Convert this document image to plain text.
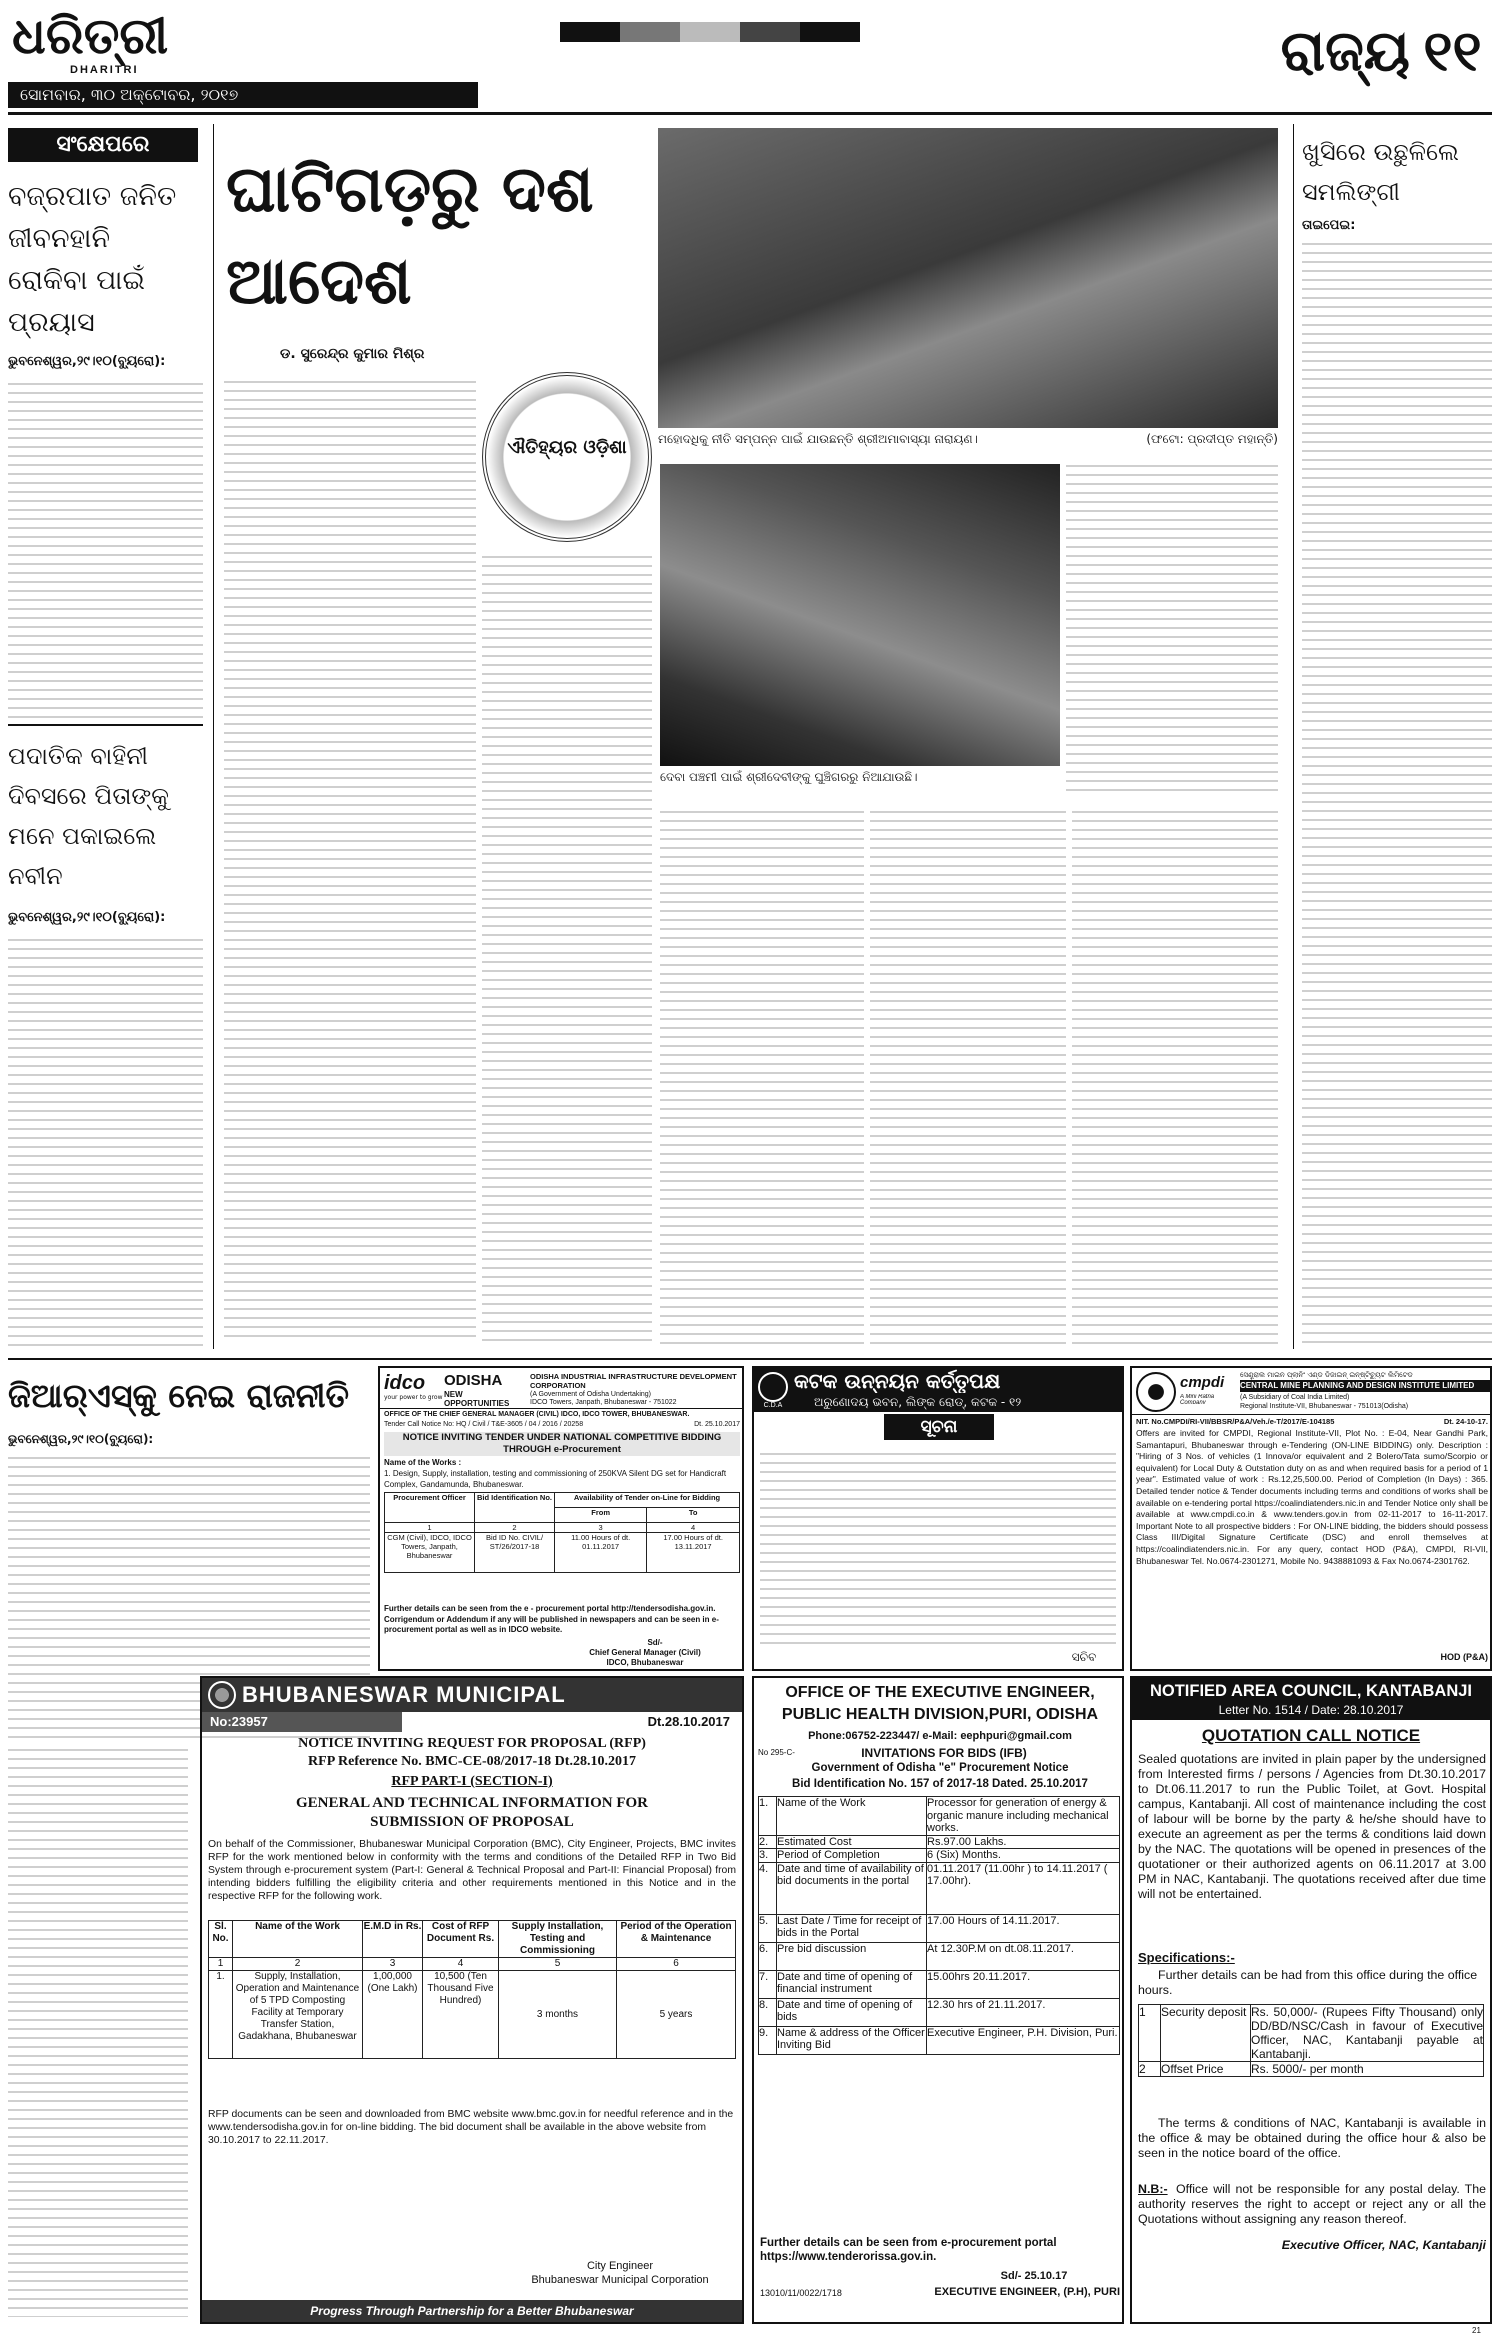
ଧରିତ୍ରୀ
DHARITRI
ସୋମବାର, ୩୦ ଅକ୍ଟୋବର, ୨୦୧୭
ରାଜ୍ୟ ୧୧
ସଂକ୍ଷେପରେ
ବଜ୍ରପାତ ଜନିତ ଜୀବନହାନି ରୋକିବା ପାଇଁ ପ୍ରୟାସ
ଭୁବନେଶ୍ୱର,୨୯।୧୦(ବ୍ୟୁରୋ):
ପଦାତିକ ବାହିନୀ ଦିବସରେ ପିତାଙ୍କୁ ମନେ ପକାଇଲେ ନବୀନ
ଭୁବନେଶ୍ୱର,୨୯।୧୦(ବ୍ୟୁରୋ):
ଘାଟିଗଡ଼ରୁ ଦଶ ଆଦେଶ
ଡ. ସୁରେନ୍ଦ୍ର କୁମାର ମିଶ୍ର
ଐତିହ୍ୟର ଓଡ଼ିଶା	ମହୋଦଧିକୁ ନୀତି ସମ୍ପନ୍ନ ପାଇଁ ଯାଉଛନ୍ତି ଶ୍ରୀଅମାବାସ୍ୟା ନାରାୟଣ।	(ଫଟୋ: ପ୍ରଦୀପ୍ତ ମହାନ୍ତି)
ଦେବା ପଞ୍ଚମୀ ପାଇଁ ଶ୍ରୀଦେବୀଙ୍କୁ ଘୁଞ୍ଚିଗରରୁ ନିଆଯାଉଛି।
ଖୁସିରେ ଉଛୁଳିଲେ ସମଲିଙ୍ଗୀ
ତାଇପେଇ:
ଜିଆର୍‌ଏସ୍‌କୁ ନେଇ ରାଜନୀତି
ଭୁବନେଶ୍ୱର,୨୯।୧୦(ବ୍ୟୁରୋ):
idco
your power to grow
ODISHA
NEW OPPORTUNITIES
ODISHA INDUSTRIAL INFRASTRUCTURE DEVELOPMENT CORPORATION
(A Government of Odisha Undertaking)
IDCO Towers, Janpath, Bhubaneswar - 751022
OFFICE OF THE CHIEF GENERAL MANAGER (CIVIL) IDCO, IDCO TOWER, BHUBANESWAR.
Tender Call Notice No: HQ / Civil / T&E-3605 / 04 / 2016 / 20258	Dt. 25.10.2017
NOTICE INVITING TENDER UNDER NATIONAL COMPETITIVE BIDDING THROUGH e-Procurement
Name of the Works :
1. Design, Supply, installation, testing and commissioning of 250KVA Silent DG set for Handicraft Complex, Gandamunda, Bhubaneswar.
Procurement Officer	Bid Identification No.	Availability of Tender on-Line for Bidding	
		From	To
1	2	3	4
CGM (Civil), IDCO, IDCO Towers, Janpath, Bhubaneswar	Bid ID No. CIVIL/ ST/26/2017-18	11.00 Hours of dt. 01.11.2017	17.00 Hours of dt. 13.11.2017
Further details can be seen from the e - procurement portal http://tendersodisha.gov.in. Corrigendum or Addendum if any will be published in newspapers and can be seen in e-procurement portal as well as in IDCO website.
Sd/-
Chief General Manager (Civil)
IDCO, Bhubaneswar
C.D.A
କଟକ ଉନ୍ନୟନ କର୍ତ୍ତୃପକ୍ଷ
ଅରୁଣୋଦୟ ଭବନ, ଲିଙ୍କ ରୋଡ୍‌, କଟକ - ୧୨
ସୂଚନା
ସଚିବ
cmpdi
A Mini Ratna Company
ସେଣ୍ଟ୍ରାଲ ମାଇନ ପ୍ଲାନିଂ ଏଣ୍ଡ ଡିଜାଇନ୍ ଇନ୍ଷ୍ଟିଚ୍ୟୁଟ ଲିମିଟେଡ
CENTRAL MINE PLANNING AND DESIGN INSTITUTE LIMITED
(A Subsidiary of Coal India Limited)
Regional Institute-VII, Bhubaneswar - 751013(Odisha)
NIT. No.CMPDI/RI-VII/BBSR/P&A/Veh./e-T/2017/E-104185	Dt. 24-10-17.
Offers are invited for CMPDI, Regional Institute-VII, Plot No. : E-04, Near Gandhi Park, Samantapuri, Bhubaneswar through e-Tendering (ON-LINE BIDDING) only. Description : "Hiring of 3 Nos. of vehicles (1 Innova/or equivalent and 2 Bolero/Tata sumo/Scorpio or equivalent) for Local Duty & Outstation duty on as and when required basis for a period of 1 year". Estimated value of work : Rs.12,25,500.00. Period of Completion (In Days) : 365. Detailed tender notice & Tender documents including terms and conditions of works shall be available on e-tendering portal https://coalindiatenders.nic.in and Tender Notice only shall be available at www.cmpdi.co.in & www.tenders.gov.in from 02-11-2017 to 16-11-2017. Important Note to all prospective bidders : For ON-LINE bidding, the bidders should possess Class III/Digital Signature Certificate (DSC) and enroll themselves at https://coalindiatenders.nic.in. For any query, contact HOD (P&A), CMPDI, RI-VII, Bhubaneswar Tel. No.0674-2301271, Mobile No. 9438881093 & Fax No.0674-2301762.
HOD (P&A)
BHUBANESWAR MUNICIPAL
No:23957	Dt.28.10.2017
NOTICE INVITING REQUEST FOR PROPOSAL (RFP)
RFP Reference No. BMC-CE-08/2017-18 Dt.28.10.2017
RFP PART-I (SECTION-I)
GENERAL AND TECHNICAL INFORMATION FOR SUBMISSION OF PROPOSAL
On behalf of the Commissioner, Bhubaneswar Municipal Corporation (BMC), City Engineer, Projects, BMC invites RFP for the work mentioned below in conformity with the terms and conditions of the Detailed RFP in Two Bid System through e-procurement system (Part-I: General & Technical Proposal and Part-II: Financial Proposal) from intending bidders fulfilling the eligibility criteria and other requirements mentioned in this Notice and in the respective RFP for the following work.
Sl. No.	Name of the Work	E.M.D in Rs.	Cost of RFP Document Rs.	Supply Installation, Testing and Commissioning	Period of the Operation & Maintenance
1	2	3	4	5	6
1.	Supply, Installation, Operation and Maintenance of 5 TPD Composting Facility at Temporary Transfer Station, Gadakhana, Bhubaneswar	1,00,000 (One Lakh)	10,500 (Ten Thousand Five Hundred)	3 months	5 years
RFP documents can be seen and downloaded from BMC website www.bmc.gov.in for needful reference and in the www.tendersodisha.gov.in for on-line bidding. The bid document shall be available in the above website from 30.10.2017 to 22.11.2017.
City Engineer
Bhubaneswar Municipal Corporation
Progress Through Partnership for a Better Bhubaneswar
OFFICE OF THE EXECUTIVE ENGINEER,
PUBLIC HEALTH DIVISION,PURI, ODISHA
Phone:06752-223447/ e-Mail: eephpuri@gmail.com
No 295-C-	INVITATIONS FOR BIDS (IFB)
Government of Odisha "e" Procurement Notice
Bid Identification No. 157 of 2017-18 Dated. 25.10.2017
1.	Name of the Work	Processor for generation of energy & organic manure including mechanical works.
2.	Estimated Cost	Rs.97.00 Lakhs.
3.	Period of Completion	6 (Six) Months.
4.	Date and time of availability of bid documents in the portal	01.11.2017 (11.00hr ) to 14.11.2017 ( 17.00hr).
5.	Last Date / Time for receipt of bids in the Portal	17.00 Hours of 14.11.2017.
6.	Pre bid discussion	At 12.30P.M on dt.08.11.2017.
7.	Date and time of opening of financial instrument	15.00hrs 20.11.2017.
8.	Date and time of opening of bids	12.30 hrs of 21.11.2017.
9.	Name & address of the Officer Inviting Bid	Executive Engineer, P.H. Division, Puri.
Further details can be seen from e-procurement portal https://www.tenderorissa.gov.in.
Sd/- 25.10.17
13010/11/0022/1718	EXECUTIVE ENGINEER, (P.H), PURI
NOTIFIED AREA COUNCIL, KANTABANJI
Letter No. 1514 / Date: 28.10.2017
QUOTATION CALL NOTICE
Sealed quotations are invited in plain paper by the undersigned from Interested firms / persons / Agencies from Dt.30.10.2017 to Dt.06.11.2017 to run the Public Toilet, at Govt. Hospital campus, Kantabanji. All cost of maintenance including the cost of labour will be borne by the party & he/she should have to execute an agreement as per the terms & conditions laid down by the NAC. The quotations will be opened in presences of the quotationer or their authorized agents on 06.11.2017 at 3.00 PM in NAC, Kantabanji. The quotations received after due time will not be entertained.
Specifications:-
Further details can be had from this office during the office hours.
1	Security deposit	Rs. 50,000/- (Rupees Fifty Thousand) only DD/BD/NSC/Cash in favour of Executive Officer, NAC, Kantabanji payable at Kantabanji.
2	Offset Price	Rs. 5000/- per month
The terms & conditions of NAC, Kantabanji is available in the office & may be obtained during the office hour & also be seen in the notice board of the office.
N.B:- Office will not be responsible for any postal delay. The authority reserves the right to accept or reject any or all the Quotations without assigning any reason thereof.
Executive Officer, NAC, Kantabanji
21
